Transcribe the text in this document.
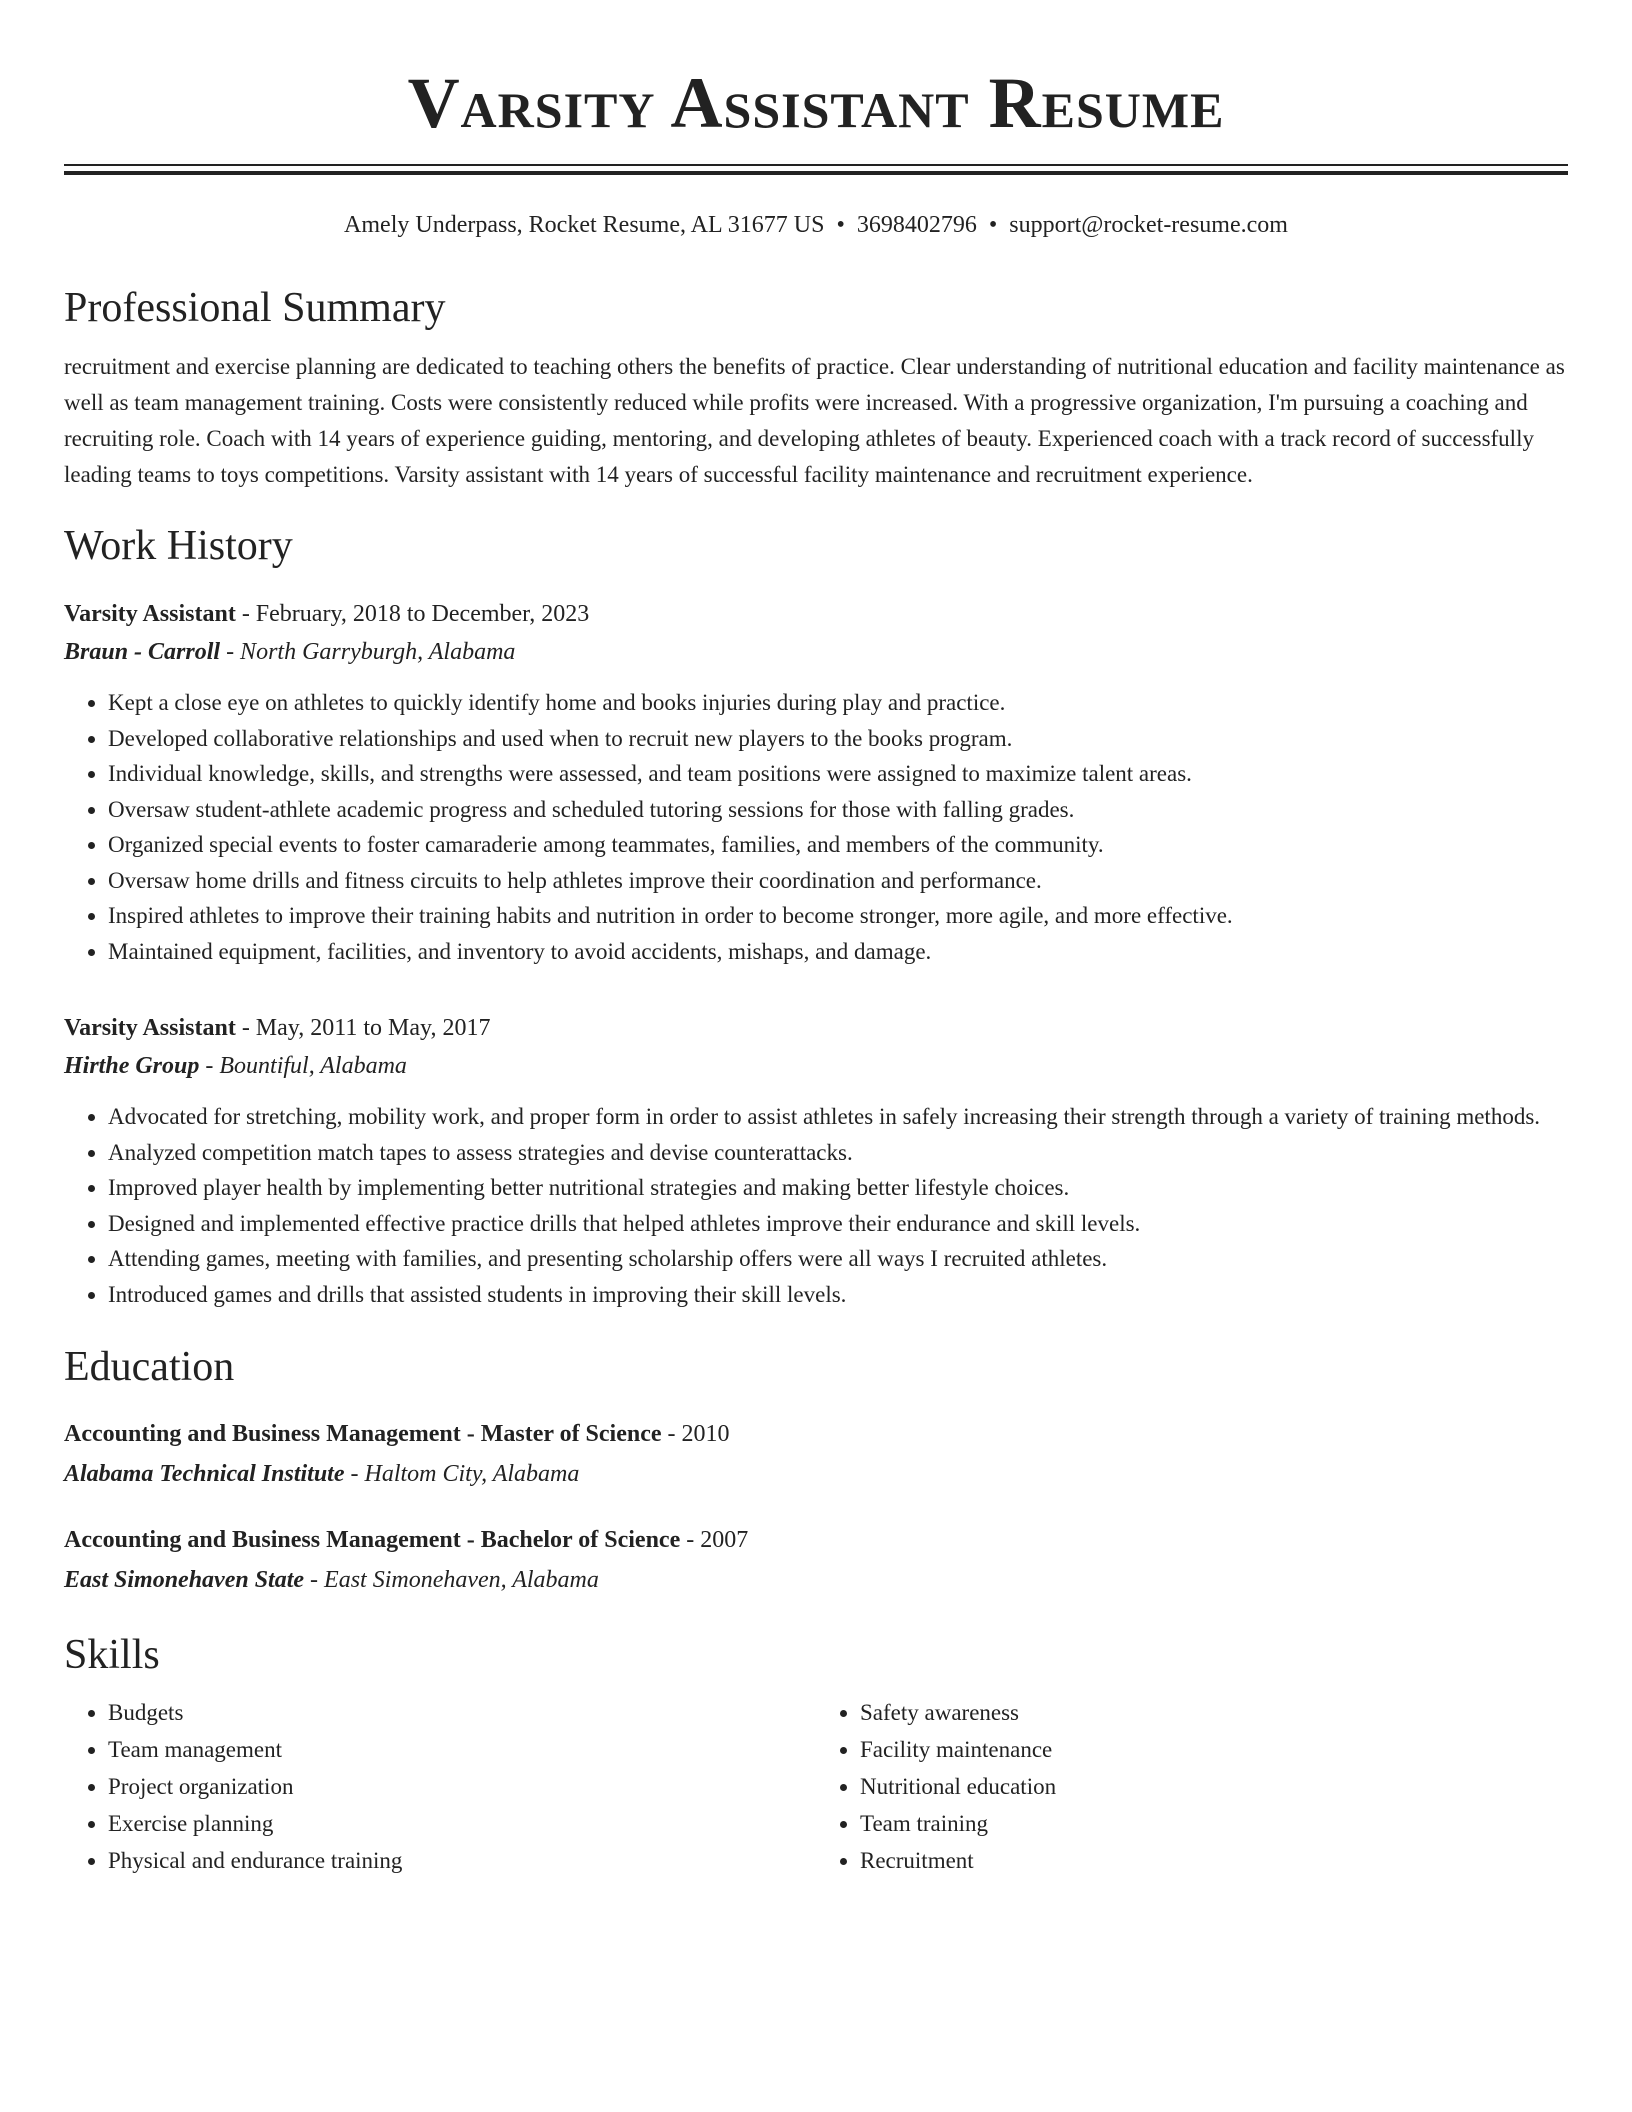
Varsity Assistant Resume
Amely Underpass, Rocket Resume, AL 31677 US • 3698402796 • support@rocket-resume.com
Professional Summary

recruitment and exercise planning are dedicated to teaching others the benefits of practice. Clear understanding of nutritional education and facility maintenance as well as team management training. Costs were consistently reduced while profits were increased. With a progressive organization, I'm pursuing a coaching and recruiting role. Coach with 14 years of experience guiding, mentoring, and developing athletes of beauty. Experienced coach with a track record of successfully leading teams to toys competitions. Varsity assistant with 14 years of successful facility maintenance and recruitment experience.

Work History
Varsity Assistant - February, 2018 to December, 2023
Braun - Carroll - North Garryburgh, Alabama
• Kept a close eye on athletes to quickly identify home and books injuries during play and practice.
• Developed collaborative relationships and used when to recruit new players to the books program.
• Individual knowledge, skills, and strengths were assessed, and team positions were assigned to maximize talent areas.
• Oversaw student-athlete academic progress and scheduled tutoring sessions for those with falling grades.
• Organized special events to foster camaraderie among teammates, families, and members of the community.
• Oversaw home drills and fitness circuits to help athletes improve their coordination and performance.
• Inspired athletes to improve their training habits and nutrition in order to become stronger, more agile, and more effective.
• Maintained equipment, facilities, and inventory to avoid accidents, mishaps, and damage.
Varsity Assistant - May, 2011 to May, 2017
Hirthe Group - Bountiful, Alabama
• Advocated for stretching, mobility work, and proper form in order to assist athletes in safely increasing their strength through a variety of training methods.
• Analyzed competition match tapes to assess strategies and devise counterattacks.
• Improved player health by implementing better nutritional strategies and making better lifestyle choices.
• Designed and implemented effective practice drills that helped athletes improve their endurance and skill levels.
• Attending games, meeting with families, and presenting scholarship offers were all ways I recruited athletes.
• Introduced games and drills that assisted students in improving their skill levels.
Education
Accounting and Business Management - Master of Science - 2010
Alabama Technical Institute - Haltom City, Alabama
Accounting and Business Management - Bachelor of Science - 2007
East Simonehaven State - East Simonehaven, Alabama
Skills
• Budgets
• Team management
• Project organization
• Exercise planning
• Physical and endurance training
• Safety awareness
• Facility maintenance
• Nutritional education
• Team training
• Recruitment
